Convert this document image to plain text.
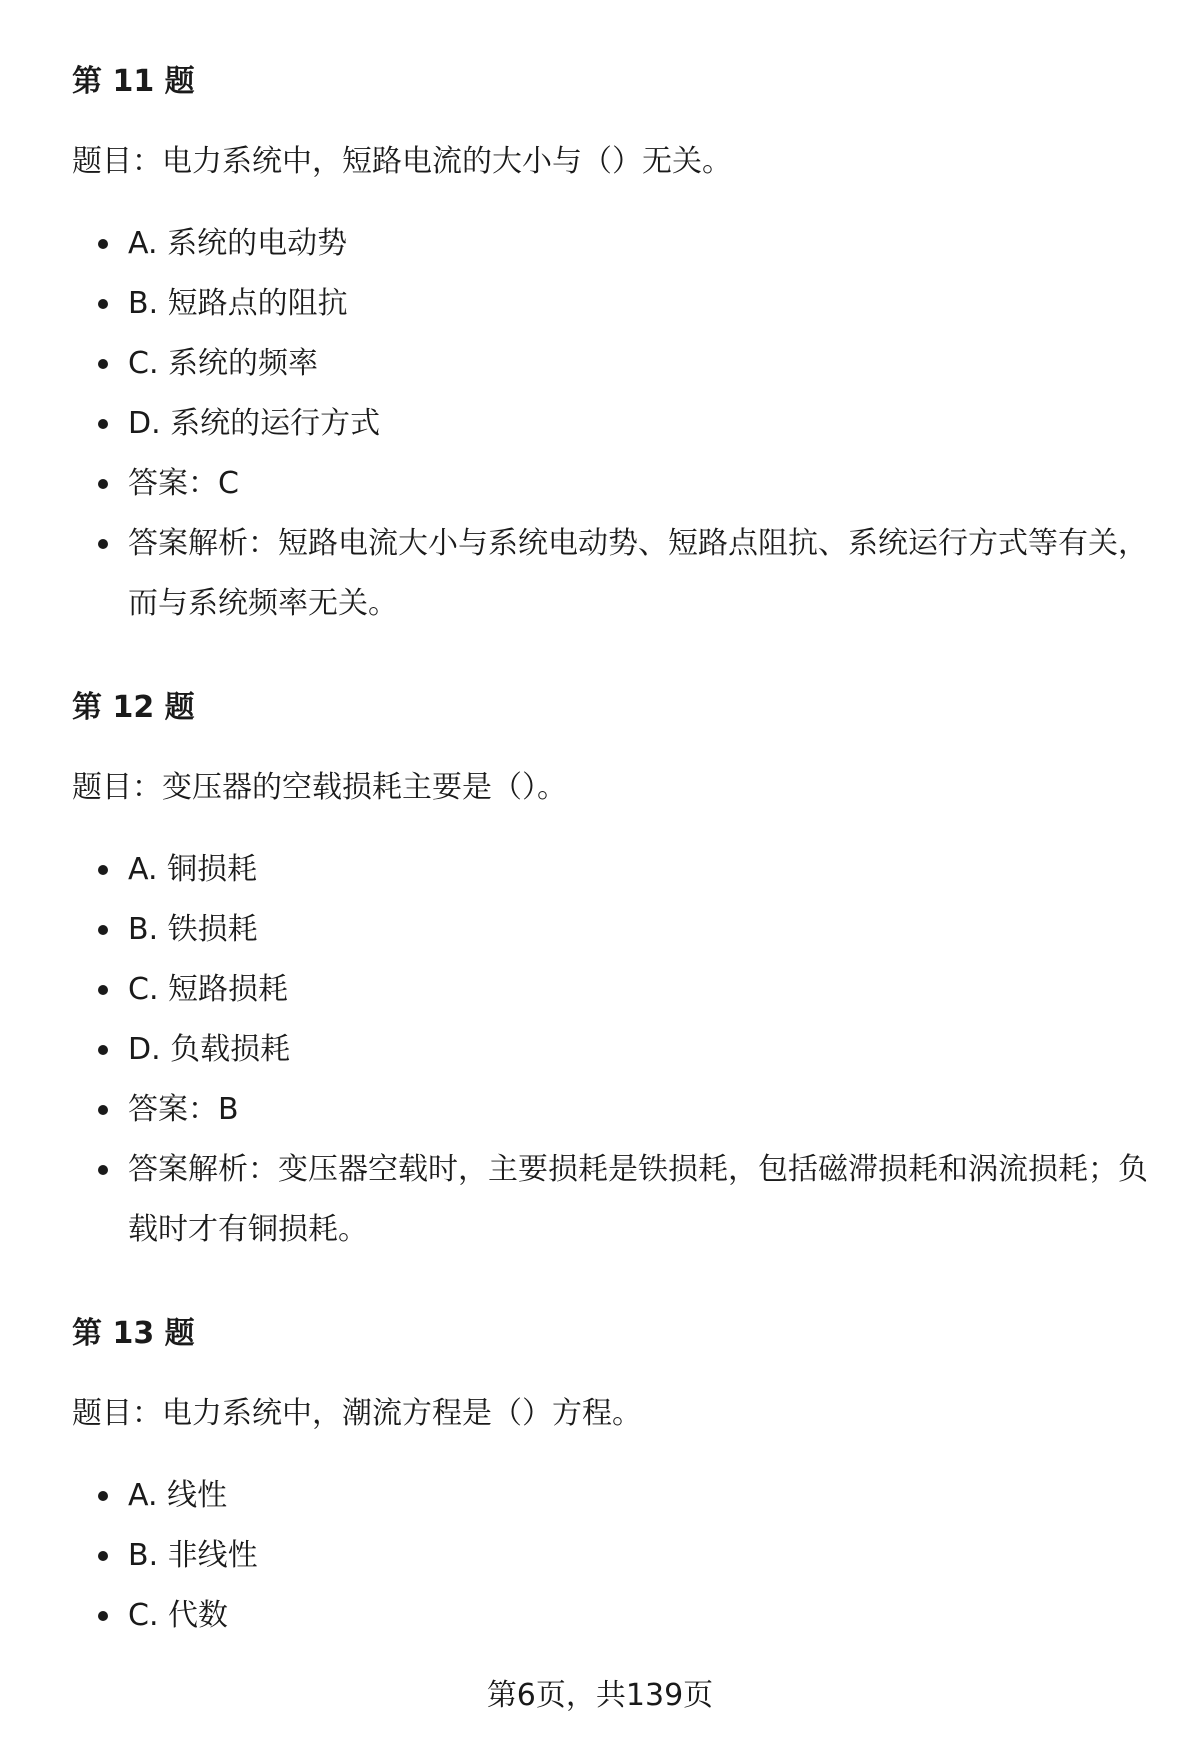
第 11 题
题目：电力系统中，短路电流的大小与（）无关。
A. 系统的电动势
B. 短路点的阻抗
C. 系统的频率
D. 系统的运行方式
答案：C
答案解析：短路电流大小与系统电动势、短路点阻抗、系统运行方式等有关，而与系统频率无关。
第 12 题
题目：变压器的空载损耗主要是（）。
A. 铜损耗
B. 铁损耗
C. 短路损耗
D. 负载损耗
答案：B
答案解析：变压器空载时，主要损耗是铁损耗，包括磁滞损耗和涡流损耗；负载时才有铜损耗。
第 13 题
题目：电力系统中，潮流方程是（）方程。
A. 线性
B. 非线性
C. 代数
第6页，共139页
